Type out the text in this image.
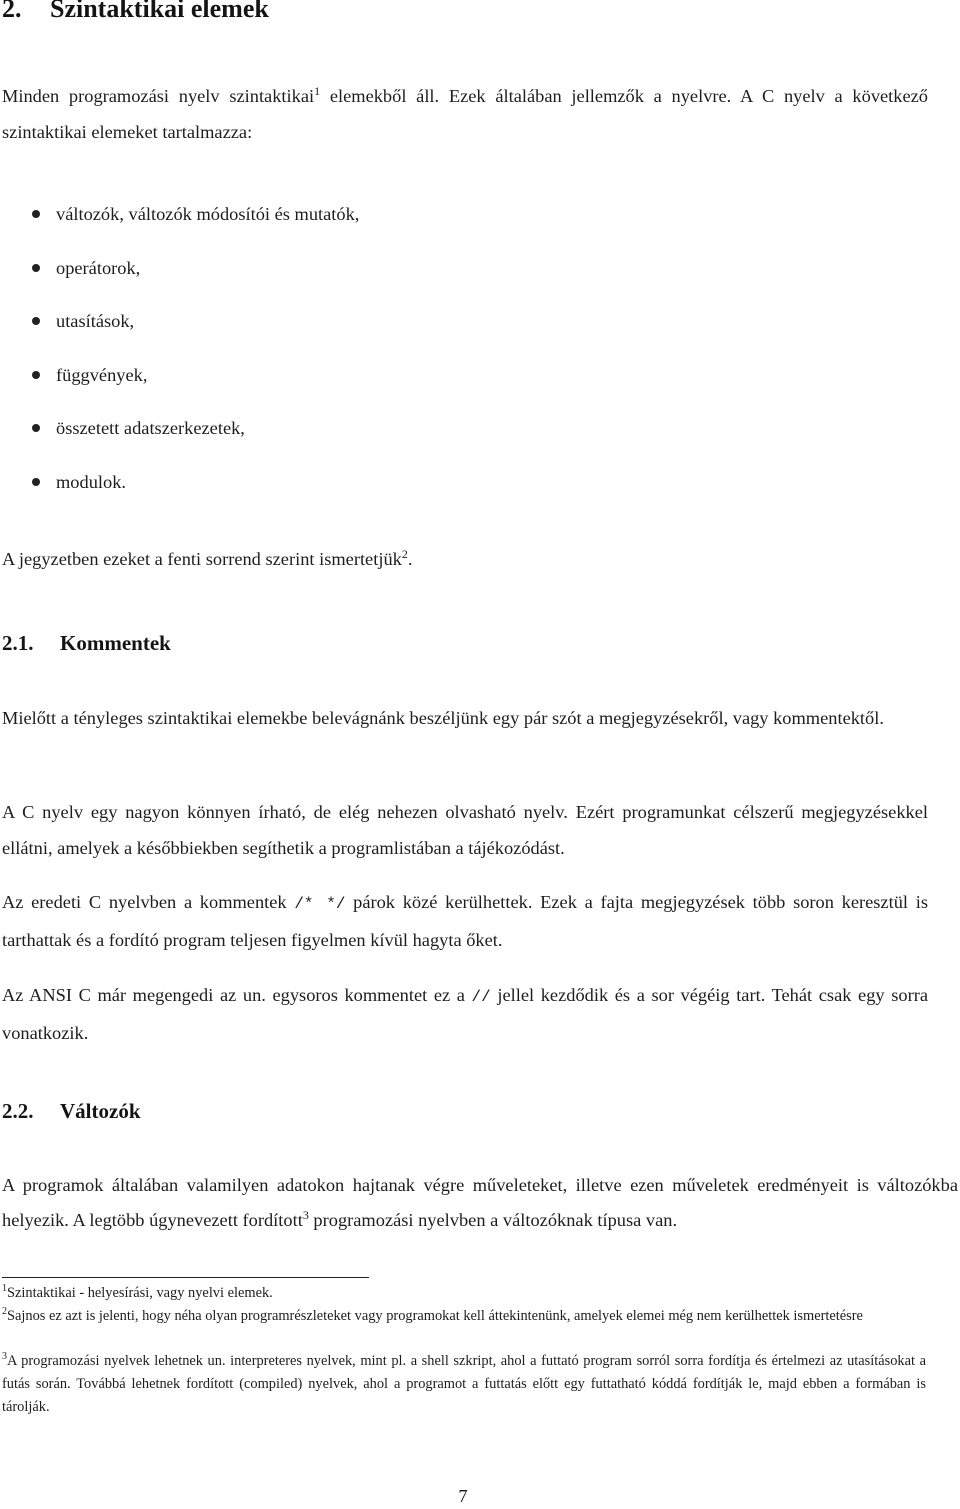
2. Szintaktikai elemek

Minden programozási nyelv szintaktikai$^1$ elemekből áll. Ezek általában jellemzők a nyelvre. A C nyelv a következő szintaktikai elemeket tartalmazza:

változók, változók módosítói és mutatók,
operátorok,
utasítások,
függvények,
összetett adatszerkezetek,
modulok.

A jegyzetben ezeket a fenti sorrend szerint ismertetjük$^2$.

2.1. Kommentek

Mielőtt a tényleges szintaktikai elemekbe belevágnánk beszéljünk egy pár szót a megjegyzésekről, vagy kommentektől.

A C nyelv egy nagyon könnyen írható, de elég nehezen olvasható nyelv. Ezért programunkat célszerű megjegyzésekkel ellátni, amelyek a későbbiekben segíthetik a programlistában a tájékozódást.

Az eredeti C nyelvben a kommentek /* */ párok közé kerülhettek. Ezek a fajta megjegyzések több soron keresztül is tarthattak és a fordító program teljesen figyelmen kívül hagyta őket.

Az ANSI C már megengedi az un. egysoros kommentet ez a // jellel kezdődik és a sor végéig tart. Tehát csak egy sorra vonatkozik.

2.2. Változók

A programok általában valamilyen adatokon hajtanak végre műveleteket, illetve ezen műveletek eredményeit is változókba helyezik. A legtöbb úgynevezett fordított$^3$ programozási nyelvben a változóknak típusa van.

$^1$Szintaktikai - helyesírási, vagy nyelvi elemek.

$^2$Sajnos ez azt is jelenti, hogy néha olyan programrészleteket vagy programokat kell áttekintenünk, amelyek elemei még nem kerülhettek ismertetésre

$^3$A programozási nyelvek lehetnek un. interpreteres nyelvek, mint pl. a shell szkript, ahol a futtató program sorról sorra fordítja és értelmezi az utasításokat a futás során. Továbbá lehetnek fordított (compiled) nyelvek, ahol a programot a futtatás előtt egy futtatható kóddá fordítják le, majd ebben a formában is tárolják.

7
